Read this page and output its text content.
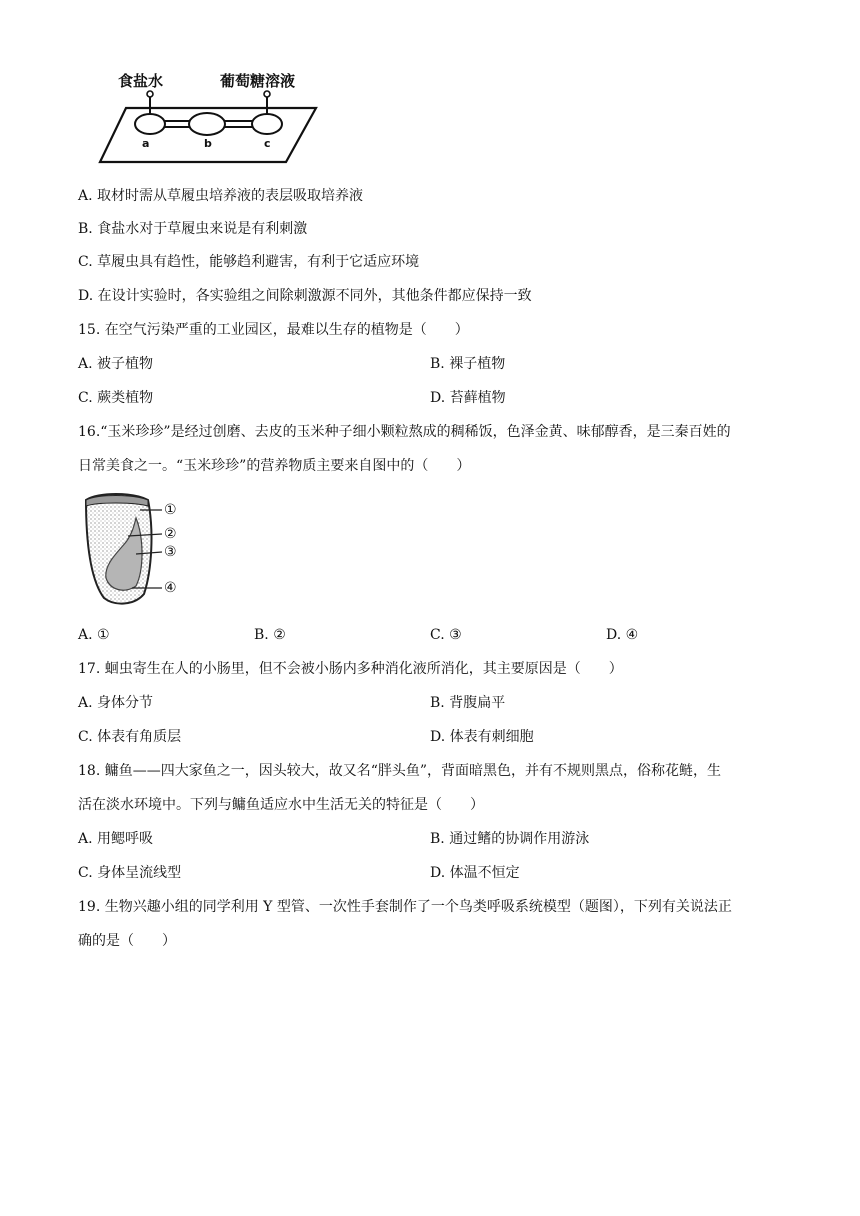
食盐水	葡萄糖溶液
a	b	c
A. 取材时需从草履虫培养液的表层吸取培养液
B. 食盐水对于草履虫来说是有利刺激
C. 草履虫具有趋性，能够趋利避害，有利于它适应环境
D. 在设计实验时，各实验组之间除刺激源不同外，其他条件都应保持一致
15. 在空气污染严重的工业园区，最难以生存的植物是（　　）
A. 被子植物	B. 裸子植物
C. 蕨类植物	D. 苔藓植物
16.“玉米珍珍”是经过创磨、去皮的玉米种子细小颗粒熬成的稠稀饭，色泽金黄、味郁醇香，是三秦百姓的
日常美食之一。“玉米珍珍”的营养物质主要来自图中的（　　）
①
②
③
④
A. ①	B. ②	C. ③	D. ④
17. 蛔虫寄生在人的小肠里，但不会被小肠内多种消化液所消化，其主要原因是（　　）
A. 身体分节	B. 背腹扁平
C. 体表有角质层	D. 体表有刺细胞
18. 鳙鱼——四大家鱼之一，因头较大，故又名“胖头鱼”，背面暗黑色，并有不规则黑点，俗称花鲢，生
活在淡水环境中。下列与鳙鱼适应水中生活无关的特征是（　　）
A. 用鳃呼吸	B. 通过鳍的协调作用游泳
C. 身体呈流线型	D. 体温不恒定
19. 生物兴趣小组的同学利用 Y 型管、一次性手套制作了一个鸟类呼吸系统模型（题图），下列有关说法正
确的是（　　）
